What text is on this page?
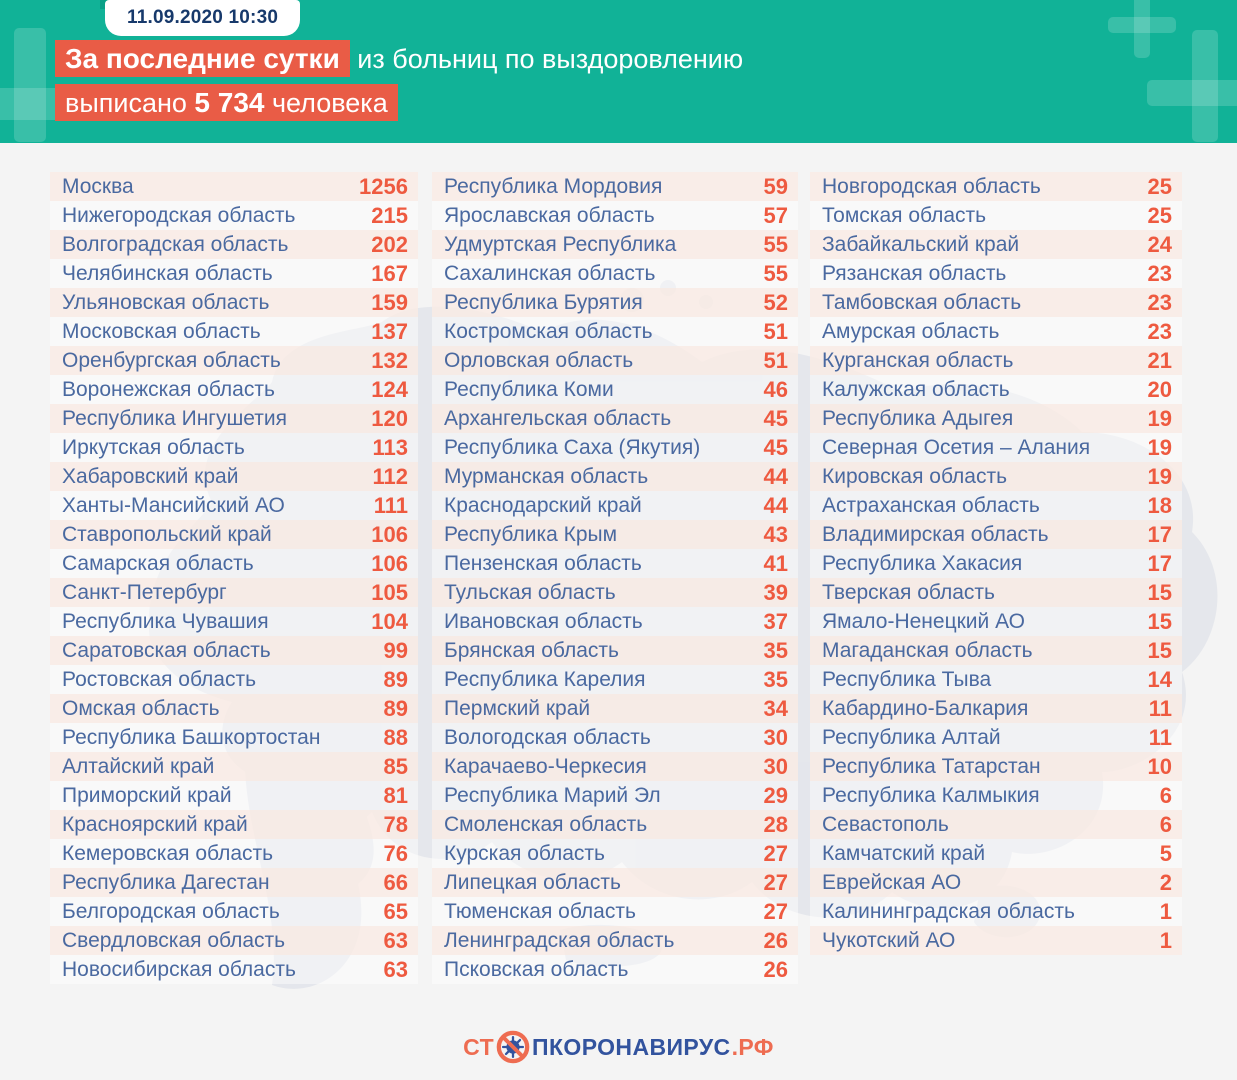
11.09.2020 10:30
За последние сутки из больниц по выздоровлению
выписано 5 734 человека
Москва	1256
Нижегородская область	215
Волгоградская область	202
Челябинская область	167
Ульяновская область	159
Московская область	137
Оренбургская область	132
Воронежская область	124
Республика Ингушетия	120
Иркутская область	113
Хабаровский край	112
Ханты-Мансийский АО	111
Ставропольский край	106
Самарская область	106
Санкт-Петербург	105
Республика Чувашия	104
Саратовская область	99
Ростовская область	89
Омская область	89
Республика Башкортостан	88
Алтайский край	85
Приморский край	81
Красноярский край	78
Кемеровская область	76
Республика Дагестан	66
Белгородская область	65
Свердловская область	63
Новосибирская область	63
Республика Мордовия	59
Ярославская область	57
Удмуртская Республика	55
Сахалинская область	55
Республика Бурятия	52
Костромская область	51
Орловская область	51
Республика Коми	46
Архангельская область	45
Республика Саха (Якутия)	45
Мурманская область	44
Краснодарский край	44
Республика Крым	43
Пензенская область	41
Тульская область	39
Ивановская область	37
Брянская область	35
Республика Карелия	35
Пермский край	34
Вологодская область	30
Карачаево-Черкесия	30
Республика Марий Эл	29
Смоленская область	28
Курская область	27
Липецкая область	27
Тюменская область	27
Ленинградская область	26
Псковская область	26
Новгородская область	25
Томская область	25
Забайкальский край	24
Рязанская область	23
Тамбовская область	23
Амурская область	23
Курганская область	21
Калужская область	20
Республика Адыгея	19
Северная Осетия – Алания	19
Кировская область	19
Астраханская область	18
Владимирская область	17
Республика Хакасия	17
Тверская область	15
Ямало-Ненецкий АО	15
Магаданская область	15
Республика Тыва	14
Кабардино-Балкария	11
Республика Алтай	11
Республика Татарстан	10
Республика Калмыкия	6
Севастополь	6
Камчатский край	5
Еврейская АО	2
Калининградская область	1
Чукотский АО	1
СТ ПКОРОНАВИРУС .РФ
